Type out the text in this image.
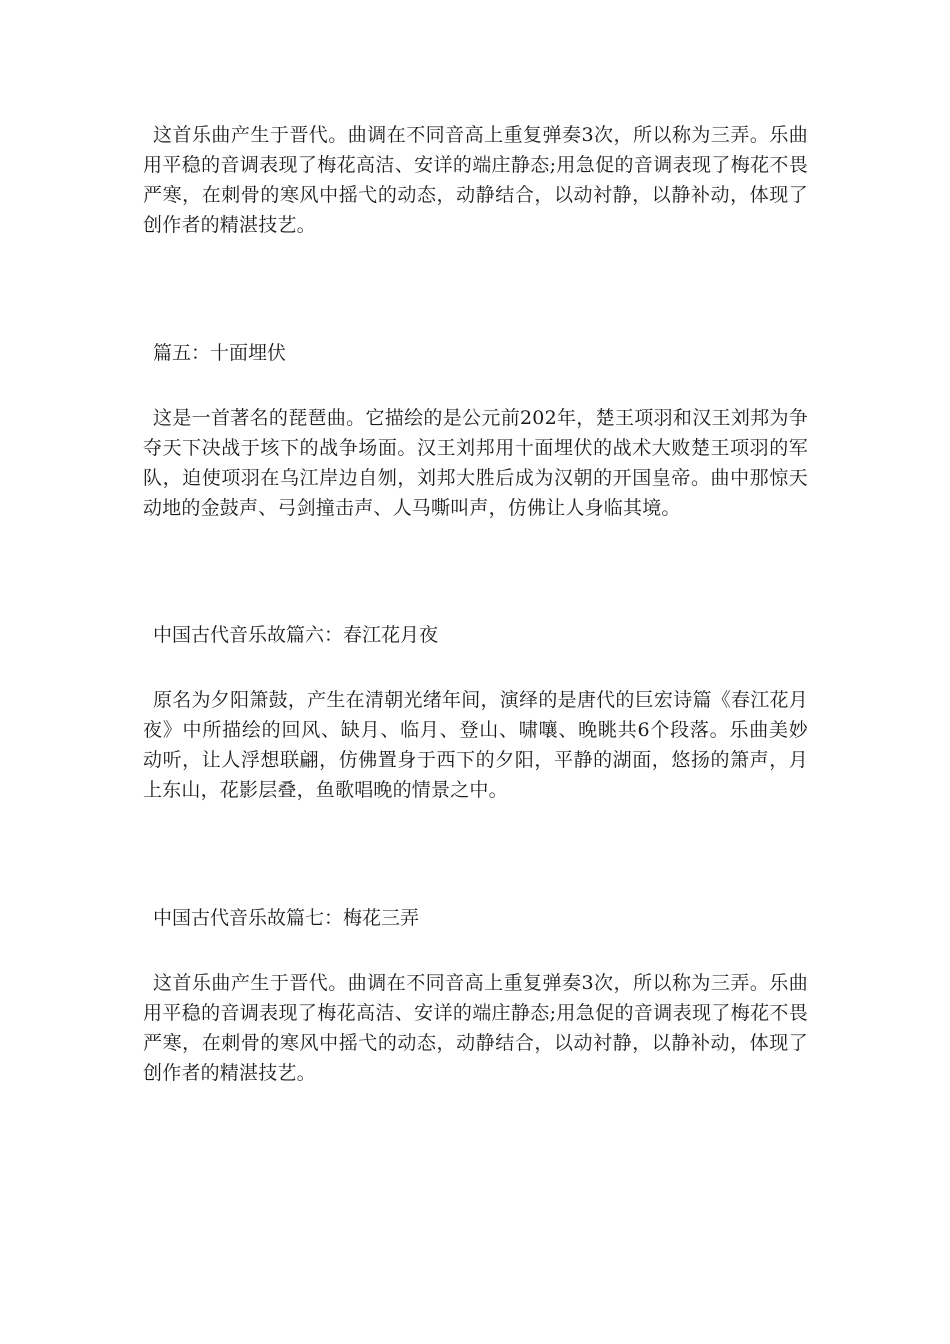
这首乐曲产生于晋代。曲调在不同音高上重复弹奏3次，所以称为三弄。乐曲用平稳的音调表现了梅花高洁、安详的端庄静态;用急促的音调表现了梅花不畏严寒，在刺骨的寒风中摇弋的动态，动静结合，以动衬静，以静补动，体现了创作者的精湛技艺。

篇五：十面埋伏

这是一首著名的琵琶曲。它描绘的是公元前202年，楚王项羽和汉王刘邦为争夺天下决战于垓下的战争场面。汉王刘邦用十面埋伏的战术大败楚王项羽的军队，迫使项羽在乌江岸边自刎，刘邦大胜后成为汉朝的开国皇帝。曲中那惊天动地的金鼓声、弓剑撞击声、人马嘶叫声，仿佛让人身临其境。

中国古代音乐故篇六：春江花月夜

原名为夕阳箫鼓，产生在清朝光绪年间，演绎的是唐代的巨宏诗篇《春江花月夜》中所描绘的回风、缺月、临月、登山、啸嚷、晚眺共6个段落。乐曲美妙动听，让人浮想联翩，仿佛置身于西下的夕阳，平静的湖面，悠扬的箫声，月上东山，花影层叠，鱼歌唱晚的情景之中。

中国古代音乐故篇七：梅花三弄

这首乐曲产生于晋代。曲调在不同音高上重复弹奏3次，所以称为三弄。乐曲用平稳的音调表现了梅花高洁、安详的端庄静态;用急促的音调表现了梅花不畏严寒，在刺骨的寒风中摇弋的动态，动静结合，以动衬静，以静补动，体现了创作者的精湛技艺。
